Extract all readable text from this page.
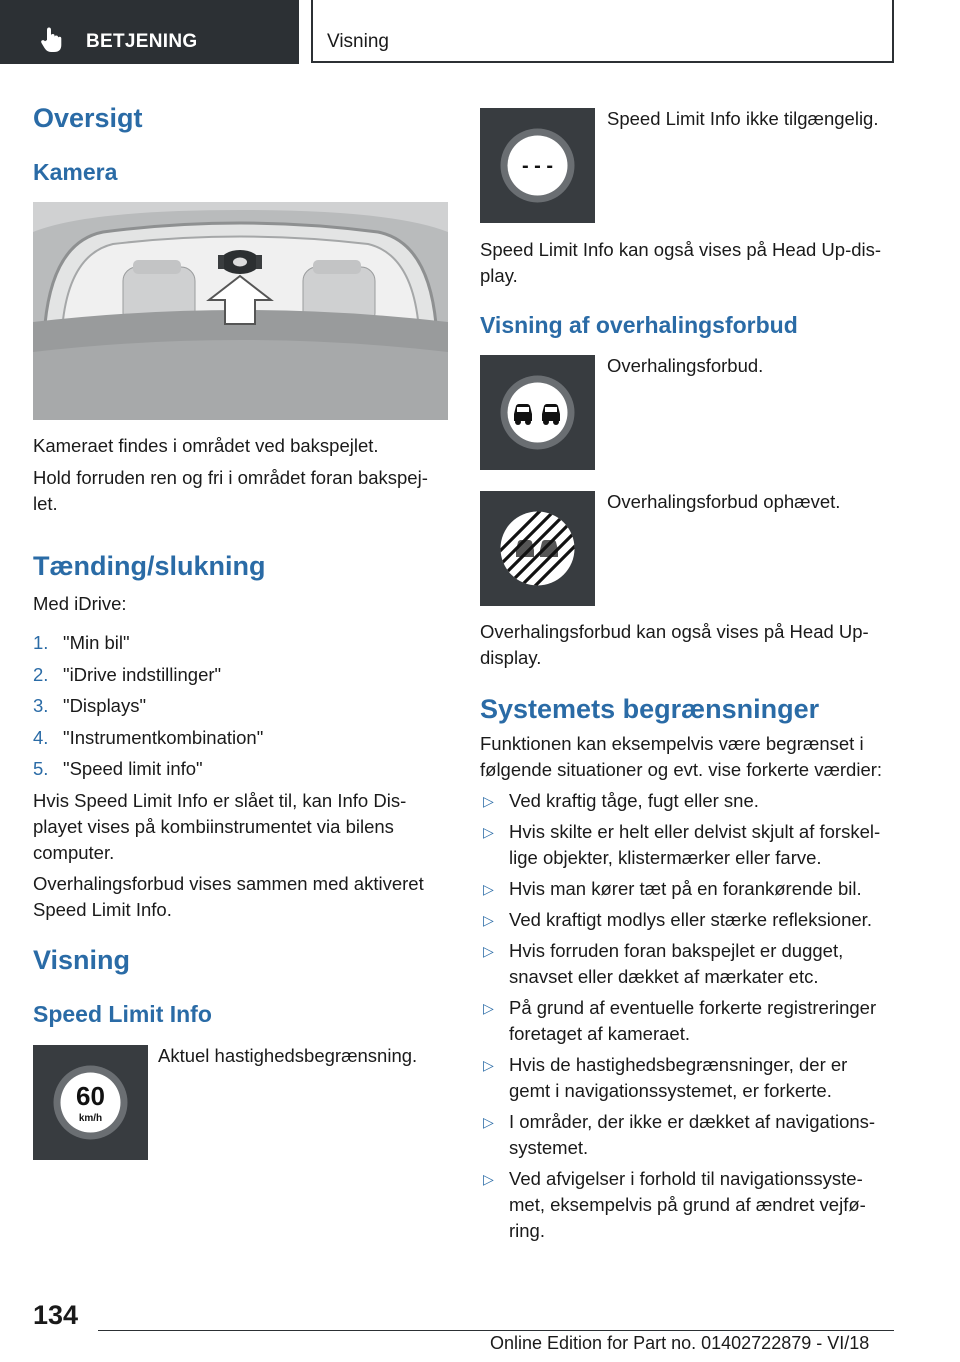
BETJENING	Visning
Oversigt
Kamera

Kameraet findes i området ved bakspejlet.

Hold forruden ren og fri i området foran bakspej-

let.

Tænding/slukning

Med iDrive:

1. "Min bil"
2. "iDrive indstillinger"
3. "Displays"
4. "Instrumentkombination"
5. "Speed limit info"

Hvis Speed Limit Info er slået til, kan Info Dis-

playet vises på kombiinstrumentet via bilens

computer.

Overhalingsforbud vises sammen med aktiveret

Speed Limit Info.

Visning
Speed Limit Info
60
km/h

Aktuel hastighedsbegrænsning.

- - -

Speed Limit Info ikke tilgængelig.

Speed Limit Info kan også vises på Head Up-dis-

play.

Visning af overhalingsforbud

Overhalingsforbud.

Overhalingsforbud ophævet.

Overhalingsforbud kan også vises på Head Up-

display.

Systemets begrænsninger

Funktionen kan eksempelvis være begrænset i

følgende situationer og evt. vise forkerte værdier:

▷ Ved kraftig tåge, fugt eller sne.
▷ Hvis skilte er helt eller delvist skjult af forskel-
lige objekter, klistermærker eller farve.
▷ Hvis man kører tæt på en forankørende bil.
▷ Ved kraftigt modlys eller stærke refleksioner.
▷ Hvis forruden foran bakspejlet er dugget,
snavset eller dækket af mærkater etc.
▷ På grund af eventuelle forkerte registreringer
foretaget af kameraet.
▷ Hvis de hastighedsbegrænsninger, der er
gemt i navigationssystemet, er forkerte.
▷ I områder, der ikke er dækket af navigations-
systemet.
▷ Ved afvigelser i forhold til navigationssyste-
met, eksempelvis på grund af ændret vejfø-
ring.
134
Online Edition for Part no. 01402722879 - VI/18
